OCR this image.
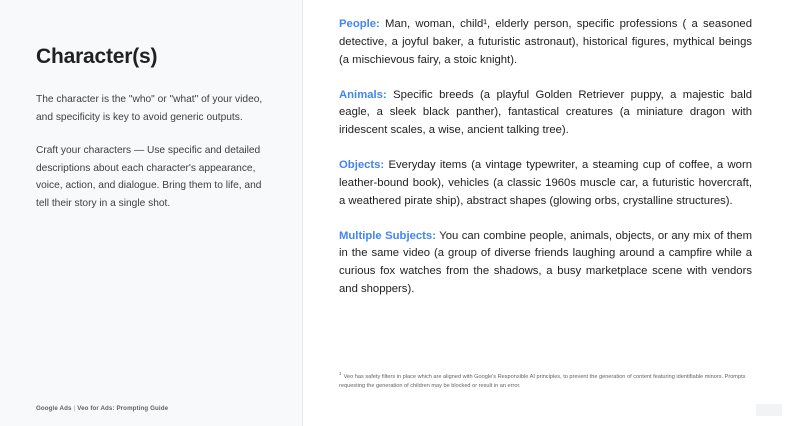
Character(s)

The character is the "who" or "what" of your video, and specificity is key to avoid generic outputs.

Craft your characters — Use specific and detailed descriptions about each character's appearance, voice, action, and dialogue. Bring them to life, and tell their story in a single shot.

Google Ads | Veo for Ads: Prompting Guide

People: Man, woman, child¹, elderly person, specific professions ( a seasoned detective, a joyful baker, a futuristic astronaut), historical figures, mythical beings (a mischievous fairy, a stoic knight).

Animals: Specific breeds (a playful Golden Retriever puppy, a majestic bald eagle, a sleek black panther), fantastical creatures (a miniature dragon with iridescent scales, a wise, ancient talking tree).

Objects: Everyday items (a vintage typewriter, a steaming cup of coffee, a worn leather-bound book), vehicles (a classic 1960s muscle car, a futuristic hovercraft, a weathered pirate ship), abstract shapes (glowing orbs, crystalline structures).

Multiple Subjects: You can combine people, animals, objects, or any mix of them in the same video (a group of diverse friends laughing around a campfire while a curious fox watches from the shadows, a busy marketplace scene with vendors and shoppers).

$^1$Veo has safety filters in place which are aligned with Google's Responsible AI principles, to prevent the generation of content featuring identifiable minors. Prompts requesting the generation of children may be blocked or result in an error.
